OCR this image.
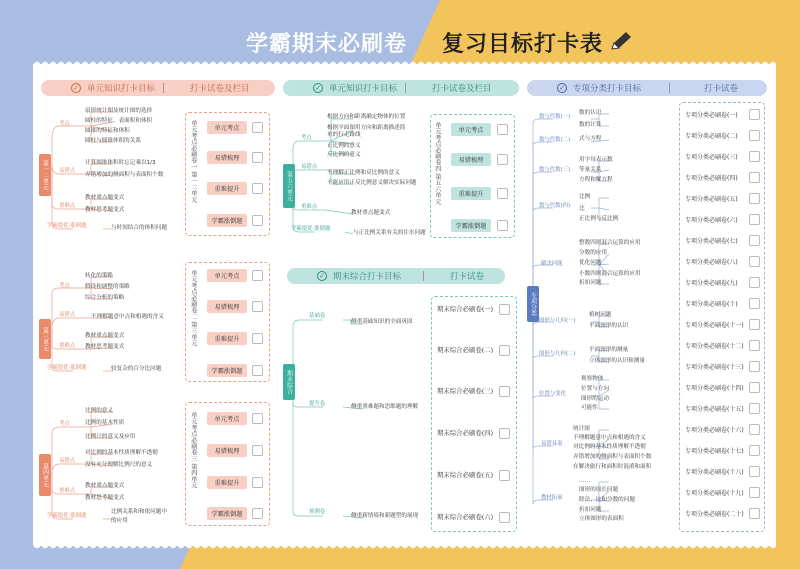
学霸期末必刷卷 复习目标打卡表
✓ 单元知识打卡目标	打卡试卷及栏目	✓ 单元知识打卡目标	打卡试卷及栏目	✓ 专项分类打卡目标	打卡试卷
✓ 期末综合打卡目标	打卡试卷
第一二单元
第三单元
第四单元
考点
易错点
重难点
学霸提优·涨倒题
扇形统计图及统计图的选择
圆柱的特征、表面积和体积
圆锥的特征和体积
圆柱与圆锥体积的关系
计算圆锥体积时忘记乘以1/3
弄错增加的侧面积与表面积个数
教材重点题变式
教材思考题变式
与时间结合的体积问题
考点
易错点
重难点
学霸提优·涨倒题
转化的策略
假设和调整的策略
综合分析的策略
不理解题意中点和相遇的含义
教材重点题变式
教材思考题变式
较复杂的百分比问题
考点
易错点
重难点
学霸提优·涨倒题
比例的意义
比例的基本性质
比例尺的意义及应用
对比例的基本性质理解不透彻
没有充分理解比例尺的意义
教材重点题变式
教材思考题变式
比例关系和和依问题中
的应用
单元考点必刷卷一 第一二单元
单元考点必刷卷二 第三单元
单元考点必刷卷三 第四单元
单元考点
易错梳理
重难提升
学霸涨倒题
单元考点
易错梳理
重难提升
学霸涨倒题
单元考点
易错梳理
重难提升
学霸涨倒题
第五六单元
考点
易错点
重难点
学霸提优·涨倒题
根据方向和距离确定物体的位置
根据平面图用方向和距离描述简
单的行走路线
正比例的意义
反比例的意义
不理解正比例和反比例的意义
不能应用正反比例意义解决实际问题
教材重点题变式
与正比例关系有关的注水问题
单元考点必刷卷四 第五六单元	单元考点
易错梳理
重难提升
学霸涨倒题
期末综合
基础卷
提升卷
预测卷
侧重基础知识的全面巩固
侧重重难题和思维题的理解
侧重新情境和新题型的展现
期末综合必刷卷(一)
期末综合必刷卷(二)
期末综合必刷卷(三)
期末综合必刷卷(四)
期末综合必刷卷(五)
期末综合必刷卷(六)
专项分类
数与代数(一)
数与代数(二)
数与代数(三)
数与代数(四)
解决问题
图形与几何(一)
图形与几何(二)
位置与变化
易错易混
教材拓展
数的认识
数的计算
式与方程
用字母表示数
等量关系
方程和解方程
比例
比
正比例与反比例
整数四则混合运算的应用
分数的应用
优化问题
小数四则混合运算的应用
折扣问题
植树问题
平面图形的认识
平面图形的测量
立体图形的认识和测量
观察物体
位置与方向
图形的运动
可能性
统计图
不理解题意中点和相遇的含义
对比例的基本性质理解不透彻
弄错增加的侧面积与表面积个数
在解决旅行和面积时混淆和面积
……
图形的周长问题
除法、比和分数的问题
折扣问题
立体图形的表面积
专项分类必刷卷(一)
专项分类必刷卷(二)
专项分类必刷卷(三)
专项分类必刷卷(四)
专项分类必刷卷(五)
专项分类必刷卷(六)
专项分类必刷卷(七)
专项分类必刷卷(八)
专项分类必刷卷(九)
专项分类必刷卷(十)
专项分类必刷卷(十一)
专项分类必刷卷(十二)
专项分类必刷卷(十三)
专项分类必刷卷(十四)
专项分类必刷卷(十五)
专项分类必刷卷(十六)
专项分类必刷卷(十七)
专项分类必刷卷(十八)
专项分类必刷卷(十九)
专项分类必刷卷(二十)
